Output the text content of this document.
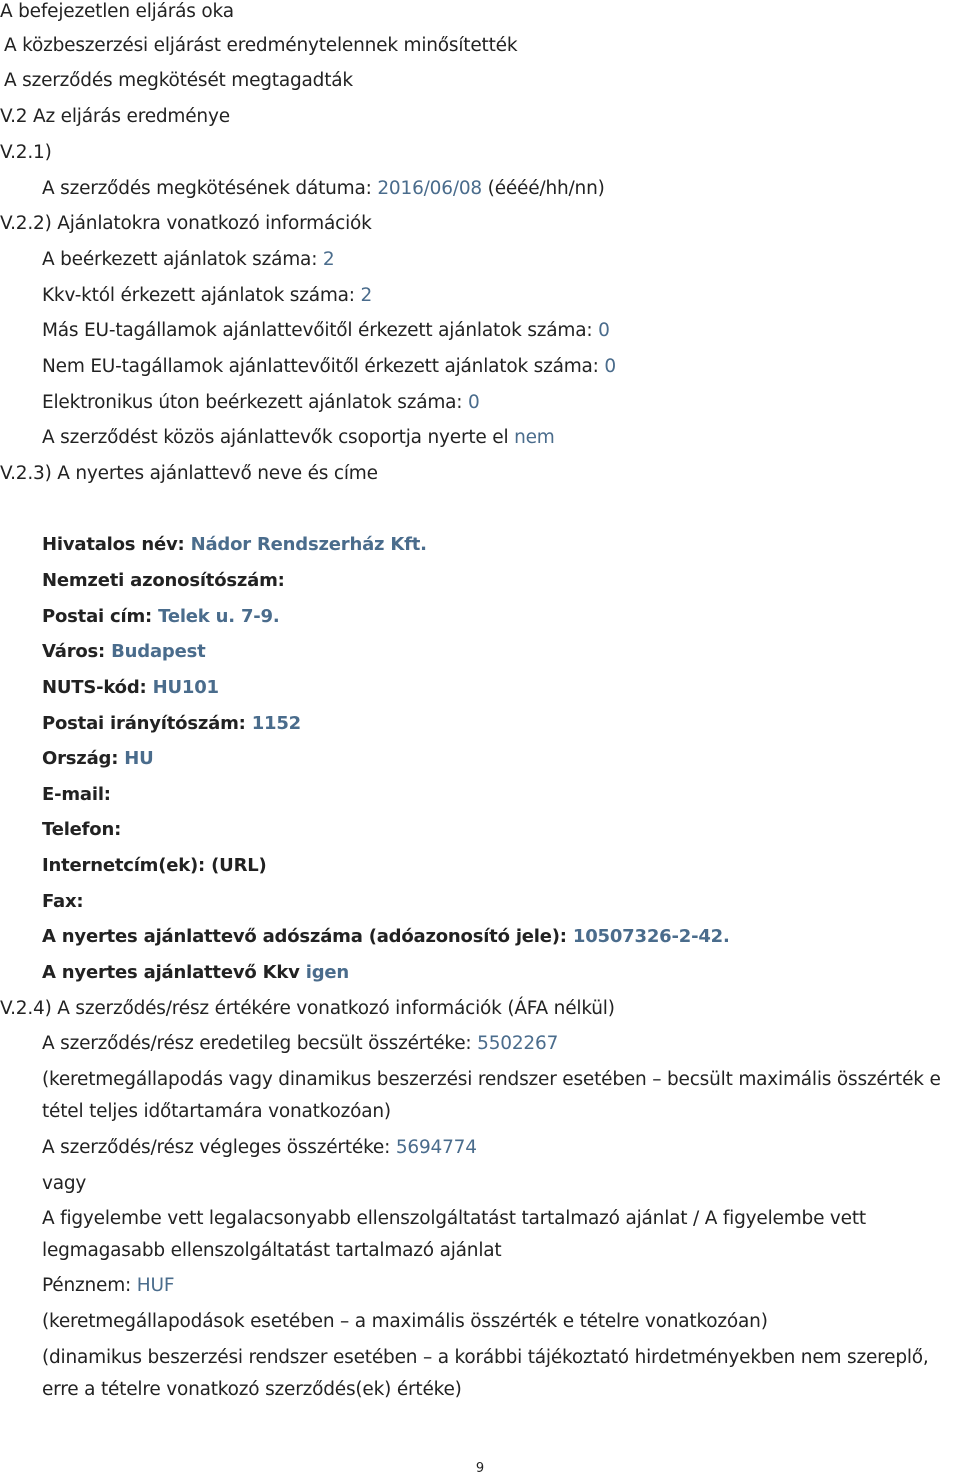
A befejezetlen eljárás oka
A közbeszerzési eljárást eredménytelennek minősítették
A szerződés megkötését megtagadták
V.2 Az eljárás eredménye
V.2.1)
A szerződés megkötésének dátuma: 2016/06/08 (éééé/hh/nn)
V.2.2) Ajánlatokra vonatkozó információk
A beérkezett ajánlatok száma: 2
Kkv-któl érkezett ajánlatok száma: 2
Más EU-tagállamok ajánlattevőitől érkezett ajánlatok száma: 0
Nem EU-tagállamok ajánlattevőitől érkezett ajánlatok száma: 0
Elektronikus úton beérkezett ajánlatok száma: 0
A szerződést közös ajánlattevők csoportja nyerte el nem
V.2.3) A nyertes ajánlattevő neve és címe
Hivatalos név: Nádor Rendszerház Kft.
Nemzeti azonosítószám:
Postai cím: Telek u. 7-9.
Város: Budapest
NUTS-kód: HU101
Postai irányítószám: 1152
Ország: HU
E-mail:
Telefon:
Internetcím(ek): (URL)
Fax:
A nyertes ajánlattevő adószáma (adóazonosító jele): 10507326-2-42.
A nyertes ajánlattevő Kkv igen
V.2.4) A szerződés/rész értékére vonatkozó információk (ÁFA nélkül)
A szerződés/rész eredetileg becsült összértéke: 5502267
(keretmegállapodás vagy dinamikus beszerzési rendszer esetében – becsült maximális összérték e
tétel teljes időtartamára vonatkozóan)
A szerződés/rész végleges összértéke: 5694774
vagy
A figyelembe vett legalacsonyabb ellenszolgáltatást tartalmazó ajánlat / A figyelembe vett
legmagasabb ellenszolgáltatást tartalmazó ajánlat
Pénznem: HUF
(keretmegállapodások esetében – a maximális összérték e tételre vonatkozóan)
(dinamikus beszerzési rendszer esetében – a korábbi tájékoztató hirdetményekben nem szereplő,
erre a tételre vonatkozó szerződés(ek) értéke)
9
